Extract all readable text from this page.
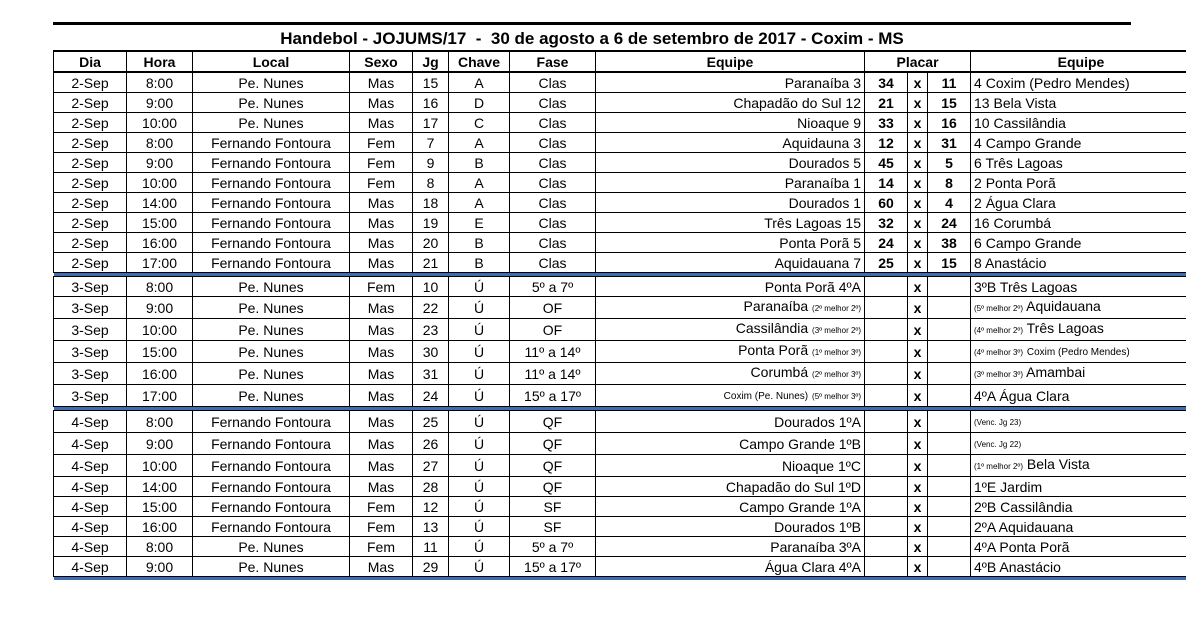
Handebol - JOJUMS/17  -  30 de agosto a 6 de setembro de 2017 - Coxim - MS
Dia	Hora	Local	Sexo	Jg	Chave	Fase	Equipe	Placar			Equipe
2-Sep	8:00	Pe. Nunes	Mas	15	A	Clas	Paranaíba 3	34	x	11	4 Coxim (Pedro Mendes)
2-Sep	9:00	Pe. Nunes	Mas	16	D	Clas	Chapadão do Sul 12	21	x	15	13 Bela Vista
2-Sep	10:00	Pe. Nunes	Mas	17	C	Clas	Nioaque 9	33	x	16	10 Cassilândia
2-Sep	8:00	Fernando Fontoura	Fem	7	A	Clas	Aquidauna 3	12	x	31	4 Campo Grande
2-Sep	9:00	Fernando Fontoura	Fem	9	B	Clas	Dourados 5	45	x	5	6 Três Lagoas
2-Sep	10:00	Fernando Fontoura	Fem	8	A	Clas	Paranaíba 1	14	x	8	2 Ponta Porã
2-Sep	14:00	Fernando Fontoura	Mas	18	A	Clas	Dourados 1	60	x	4	2 Água Clara
2-Sep	15:00	Fernando Fontoura	Mas	19	E	Clas	Três Lagoas 15	32	x	24	16 Corumbá
2-Sep	16:00	Fernando Fontoura	Mas	20	B	Clas	Ponta Porã 5	24	x	38	6 Campo Grande
2-Sep	17:00	Fernando Fontoura	Mas	21	B	Clas	Aquidauana 7	25	x	15	8 Anastácio

3-Sep	8:00	Pe. Nunes	Fem	10	Ú	5º a 7º	Ponta Porã 4ºA		x		3ºB Três Lagoas
3-Sep	9:00	Pe. Nunes	Mas	22	Ú	OF	Paranaíba (2º melhor 2º)		x		(5º melhor 2º) Aquidauana
3-Sep	10:00	Pe. Nunes	Mas	23	Ú	OF	Cassilândia (3º melhor 2º)		x		(4º melhor 2º) Três Lagoas
3-Sep	15:00	Pe. Nunes	Mas	30	Ú	11º a 14º	Ponta Porã (1º melhor 3º)		x		(4º melhor 3º) Coxim (Pedro Mendes)
3-Sep	16:00	Pe. Nunes	Mas	31	Ú	11º a 14º	Corumbá (2º melhor 3º)		x		(3º melhor 3º) Amambai
3-Sep	17:00	Pe. Nunes	Mas	24	Ú	15º a 17º	Coxim (Pe. Nunes) (5º melhor 3º)		x		4ºA Água Clara

4-Sep	8:00	Fernando Fontoura	Mas	25	Ú	QF	Dourados 1ºA		x		(Venc. Jg 23)
4-Sep	9:00	Fernando Fontoura	Mas	26	Ú	QF	Campo Grande 1ºB		x		(Venc. Jg 22)
4-Sep	10:00	Fernando Fontoura	Mas	27	Ú	QF	Nioaque 1ºC		x		(1º melhor 2º) Bela Vista
4-Sep	14:00	Fernando Fontoura	Mas	28	Ú	QF	Chapadão do Sul 1ºD		x		1ºE Jardim
4-Sep	15:00	Fernando Fontoura	Fem	12	Ú	SF	Campo Grande 1ºA		x		2ºB Cassilândia
4-Sep	16:00	Fernando Fontoura	Fem	13	Ú	SF	Dourados 1ºB		x		2ºA Aquidauana
4-Sep	8:00	Pe. Nunes	Fem	11	Ú	5º a 7º	Paranaíba 3ºA		x		4ºA Ponta Porã
4-Sep	9:00	Pe. Nunes	Mas	29	Ú	15º a 17º	Água Clara 4ºA		x		4ºB Anastácio
